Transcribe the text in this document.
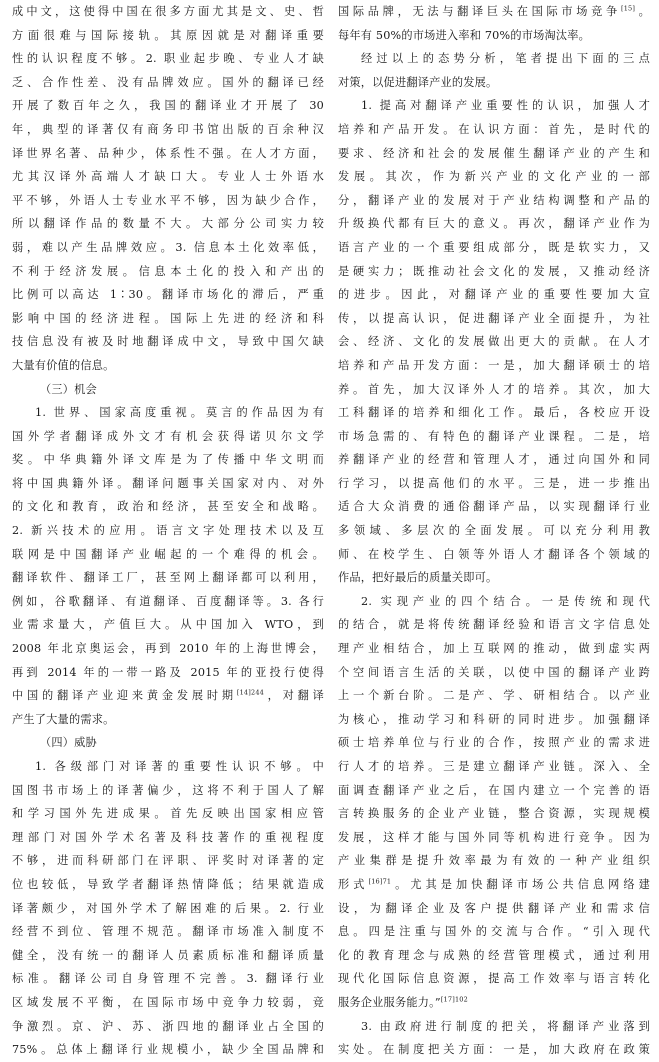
成中文，这使得中国在很多方面尤其是文、史、哲
方面很难与国际接轨。其原因就是对翻译重要
性的认识程度不够。2. 职业起步晚、专业人才缺
乏、合作性差、没有品牌效应。国外的翻译已经
开展了数百年之久，我国的翻译业才开展了 30
年，典型的译著仅有商务印书馆出版的百余种汉
译世界名著、品种少，体系性不强。在人才方面，
尤其汉译外高端人才缺口大。专业人士外语水
平不够，外语人士专业水平不够，因为缺少合作，
所以翻译作品的数量不大。大部分公司实力较
弱，难以产生品牌效应。3. 信息本土化效率低，
不利于经济发展。信息本土化的投入和产出的
比例可以高达 1∶30。翻译市场化的滞后，严重
影响中国的经济进程。国际上先进的经济和科
技信息没有被及时地翻译成中文，导致中国欠缺
大量有价值的信息。
（三）机会
1. 世界、国家高度重视。莫言的作品因为有
国外学者翻译成外文才有机会获得诺贝尔文学
奖。中华典籍外译文库是为了传播中华文明而
将中国典籍外译。翻译问题事关国家对内、对外
的文化和教育，政治和经济，甚至安全和战略。
2. 新兴技术的应用。语言文字处理技术以及互
联网是中国翻译产业崛起的一个难得的机会。
翻译软件、翻译工厂，甚至网上翻译都可以利用，
例如，谷歌翻译、有道翻译、百度翻译等。3. 各行
业需求量大，产值巨大。从中国加入 WTO，到
2008 年北京奥运会，再到 2010 年的上海世博会，
再到 2014 年的一带一路及 2015 年的亚投行使得
中国的翻译产业迎来黄金发展时期$^{[14]244}$，对翻译
产生了大量的需求。
（四）威胁
1. 各级部门对译著的重要性认识不够。中
国图书市场上的译著偏少，这将不利于国人了解
和学习国外先进成果。首先反映出国家相应管
理部门对国外学术名著及科技著作的重视程度
不够，进而科研部门在评职、评奖时对译著的定
位也较低，导致学者翻译热情降低；结果就造成
译著颇少，对国外学术了解困难的后果。2. 行业
经营不到位、管理不规范。翻译市场准入制度不
健全，没有统一的翻译人员素质标准和翻译质量
标准。翻译公司自身管理不完善。3. 翻译行业
区域发展不平衡，在国际市场中竞争力较弱，竞
争激烈。京、沪、苏、浙四地的翻译业占全国的
75%。总体上翻译行业规模小，缺少全国品牌和
国际品牌，无法与翻译巨头在国际市场竞争[15]。
每年有 50%的市场进入率和 70%的市场淘汰率。
经过以上的态势分析，笔者提出下面的三点
对策，以促进翻译产业的发展。
1. 提高对翻译产业重要性的认识，加强人才
培养和产品开发。在认识方面：首先，是时代的
要求、经济和社会的发展催生翻译产业的产生和
发展。其次，作为新兴产业的文化产业的一部
分，翻译产业的发展对于产业结构调整和产品的
升级换代都有巨大的意义。再次，翻译产业作为
语言产业的一个重要组成部分，既是软实力，又
是硬实力；既推动社会文化的发展，又推动经济
的进步。因此，对翻译产业的重要性要加大宣
传，以提高认识，促进翻译产业全面提升，为社
会、经济、文化的发展做出更大的贡献。在人才
培养和产品开发方面：一是，加大翻译硕士的培
养。首先，加大汉译外人才的培养。其次，加大
工科翻译的培养和细化工作。最后，各校应开设
市场急需的、有特色的翻译产业课程。二是，培
养翻译产业的经营和管理人才，通过向国外和同
行学习，以提高他们的水平。三是，进一步推出
适合大众消费的通俗翻译产品，以实现翻译行业
多领域、多层次的全面发展。可以充分利用教
师、在校学生、白领等外语人才翻译各个领域的
作品，把好最后的质量关即可。
2. 实现产业的四个结合。一是传统和现代
的结合，就是将传统翻译经验和语言文字信息处
理产业相结合，加上互联网的推动，做到虚实两
个空间语言生活的关联，以使中国的翻译产业跨
上一个新台阶。二是产、学、研相结合。以产业
为核心，推动学习和科研的同时进步。加强翻译
硕士培养单位与行业的合作，按照产业的需求进
行人才的培养。三是建立翻译产业链。深入、全
面调查翻译产业之后，在国内建立一个完善的语
言转换服务的企业产业链，整合资源，实现规模
发展，这样才能与国外同等机构进行竞争。因为
产业集群是提升效率最为有效的一种产业组织
形式$^{[16]71}$。尤其是加快翻译市场公共信息网络建
设，为翻译企业及客户提供翻译产业和需求信
息。四是注重与国外的交流与合作。“引入现代
化的教育理念与成熟的经营管理模式，通过利用
现代化国际信息资源，提高工作效率与语言转化
服务企业服务能力。”$^{[17]102}$
3. 由政府进行制度的把关，将翻译产业落到
实处。在制度把关方面：一是，加大政府在政策
